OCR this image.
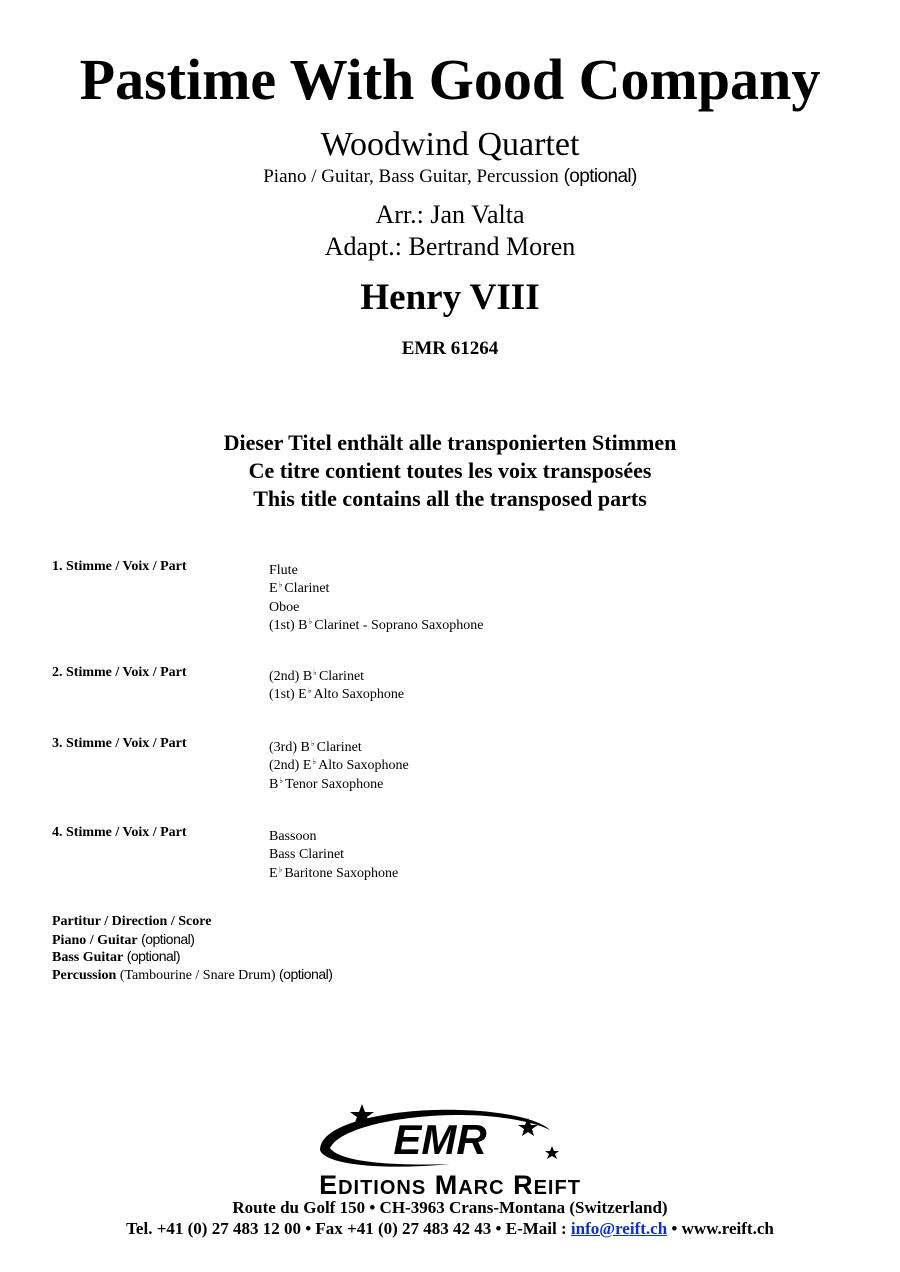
Pastime With Good Company
Woodwind Quartet
Piano / Guitar, Bass Guitar, Percussion (optional)
Arr.: Jan Valta
Adapt.: Bertrand Moren
Henry VIII
EMR 61264
Dieser Titel enthält alle transponierten Stimmen
Ce titre contient toutes les voix transposées
This title contains all the transposed parts
1. Stimme / Voix / Part	Flute
E♭ Clarinet
Oboe
(1st) B♭ Clarinet - Soprano Saxophone
2. Stimme / Voix / Part	(2nd) B♭ Clarinet
(1st) E♭ Alto Saxophone
3. Stimme / Voix / Part	(3rd) B♭ Clarinet
(2nd) E♭ Alto Saxophone
B♭ Tenor Saxophone
4. Stimme / Voix / Part	Bassoon
Bass Clarinet
E♭ Baritone Saxophone
Partitur / Direction / Score
Piano / Guitar (optional)
Bass Guitar (optional)
Percussion (Tambourine / Snare Drum) (optional)
EMR
EDITIONS MARC REIFT
Route du Golf 150 • CH-3963 Crans-Montana (Switzerland)
Tel. +41 (0) 27 483 12 00 • Fax +41 (0) 27 483 42 43 • E-Mail : info@reift.ch • www.reift.ch
